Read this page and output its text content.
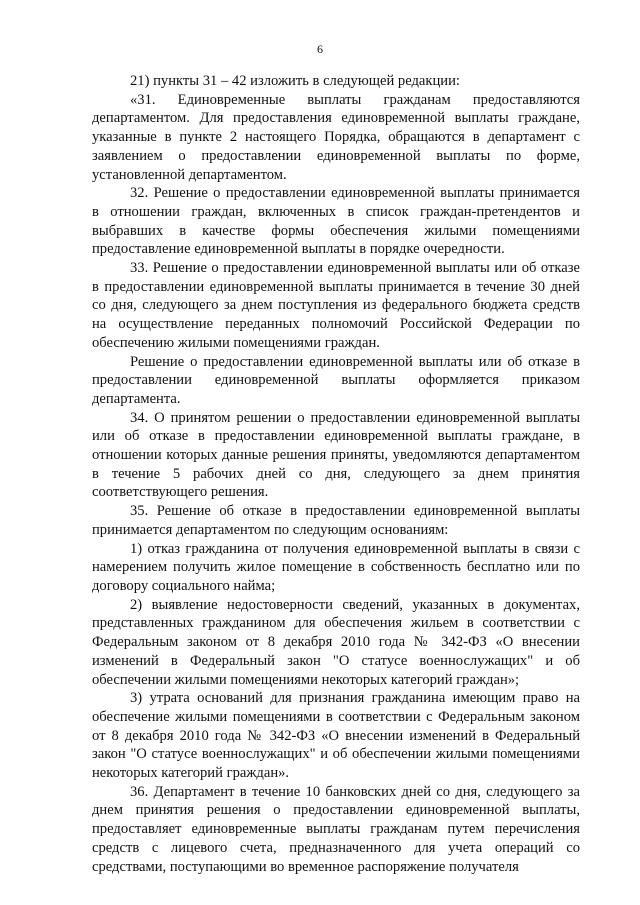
6

21) пункты 31 – 42 изложить в следующей редакции:

«31. Единовременные выплаты гражданам предоставляются департаментом. Для предоставления единовременной выплаты граждане, указанные в пункте 2 настоящего Порядка, обращаются в департамент с заявлением о предоставлении единовременной выплаты по форме, установленной департаментом.

32. Решение о предоставлении единовременной выплаты принимается в отношении граждан, включенных в список граждан-претендентов и выбравших в качестве формы обеспечения жилыми помещениями предоставление единовременной выплаты в порядке очередности.

33. Решение о предоставлении единовременной выплаты или об отказе в предоставлении единовременной выплаты принимается в течение 30 дней со дня, следующего за днем поступления из федерального бюджета средств на осуществление переданных полномочий Российской Федерации по обеспечению жилыми помещениями граждан.

Решение о предоставлении единовременной выплаты или об отказе в предоставлении единовременной выплаты оформляется приказом департамента.

34. О принятом решении о предоставлении единовременной выплаты или об отказе в предоставлении единовременной выплаты граждане, в отношении которых данные решения приняты, уведомляются департаментом в течение 5 рабочих дней со дня, следующего за днем принятия соответствующего решения.

35. Решение об отказе в предоставлении единовременной выплаты принимается департаментом по следующим основаниям:

1) отказ гражданина от получения единовременной выплаты в связи с намерением получить жилое помещение в собственность бесплатно или по договору социального найма;

2) выявление недостоверности сведений, указанных в документах, представленных гражданином для обеспечения жильем в соответствии с Федеральным законом от 8 декабря 2010 года № 342-ФЗ «О внесении изменений в Федеральный закон "О статусе военнослужащих" и об обеспечении жилыми помещениями некоторых категорий граждан»;

3) утрата оснований для признания гражданина имеющим право на обеспечение жилыми помещениями в соответствии с Федеральным законом от 8 декабря 2010 года № 342-ФЗ «О внесении изменений в Федеральный закон "О статусе военнослужащих" и об обеспечении жилыми помещениями некоторых категорий граждан».

36. Департамент в течение 10 банковских дней со дня, следующего за днем принятия решения о предоставлении единовременной выплаты, предоставляет единовременные выплаты гражданам путем перечисления средств с лицевого счета, предназначенного для учета операций со средствами, поступающими во временное распоряжение получателя
